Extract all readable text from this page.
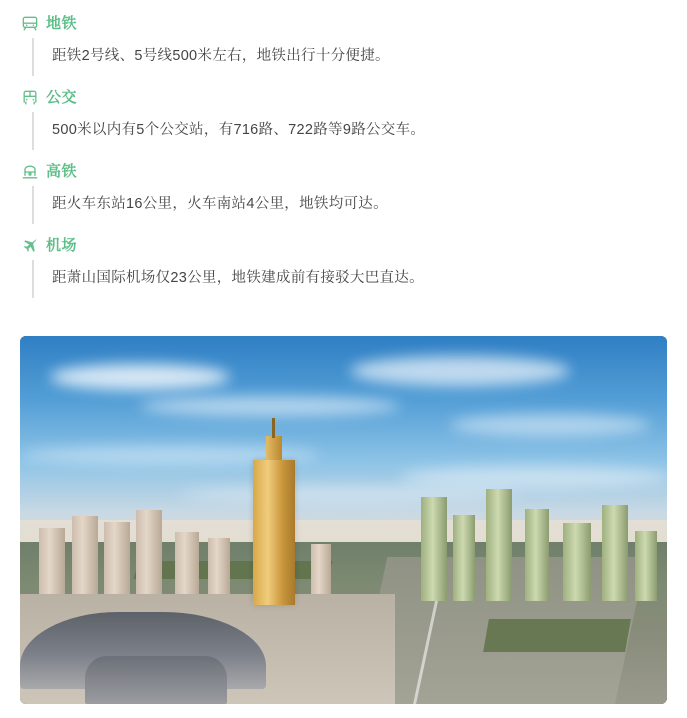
地铁
距铁2号线、5号线500米左右，地铁出行十分便捷。
公交
500米以内有5个公交站，有716路、722路等9路公交车。
高铁
距火车东站16公里，火车南站4公里，地铁均可达。
机场
距萧山国际机场仅23公里，地铁建成前有接驳大巴直达。
